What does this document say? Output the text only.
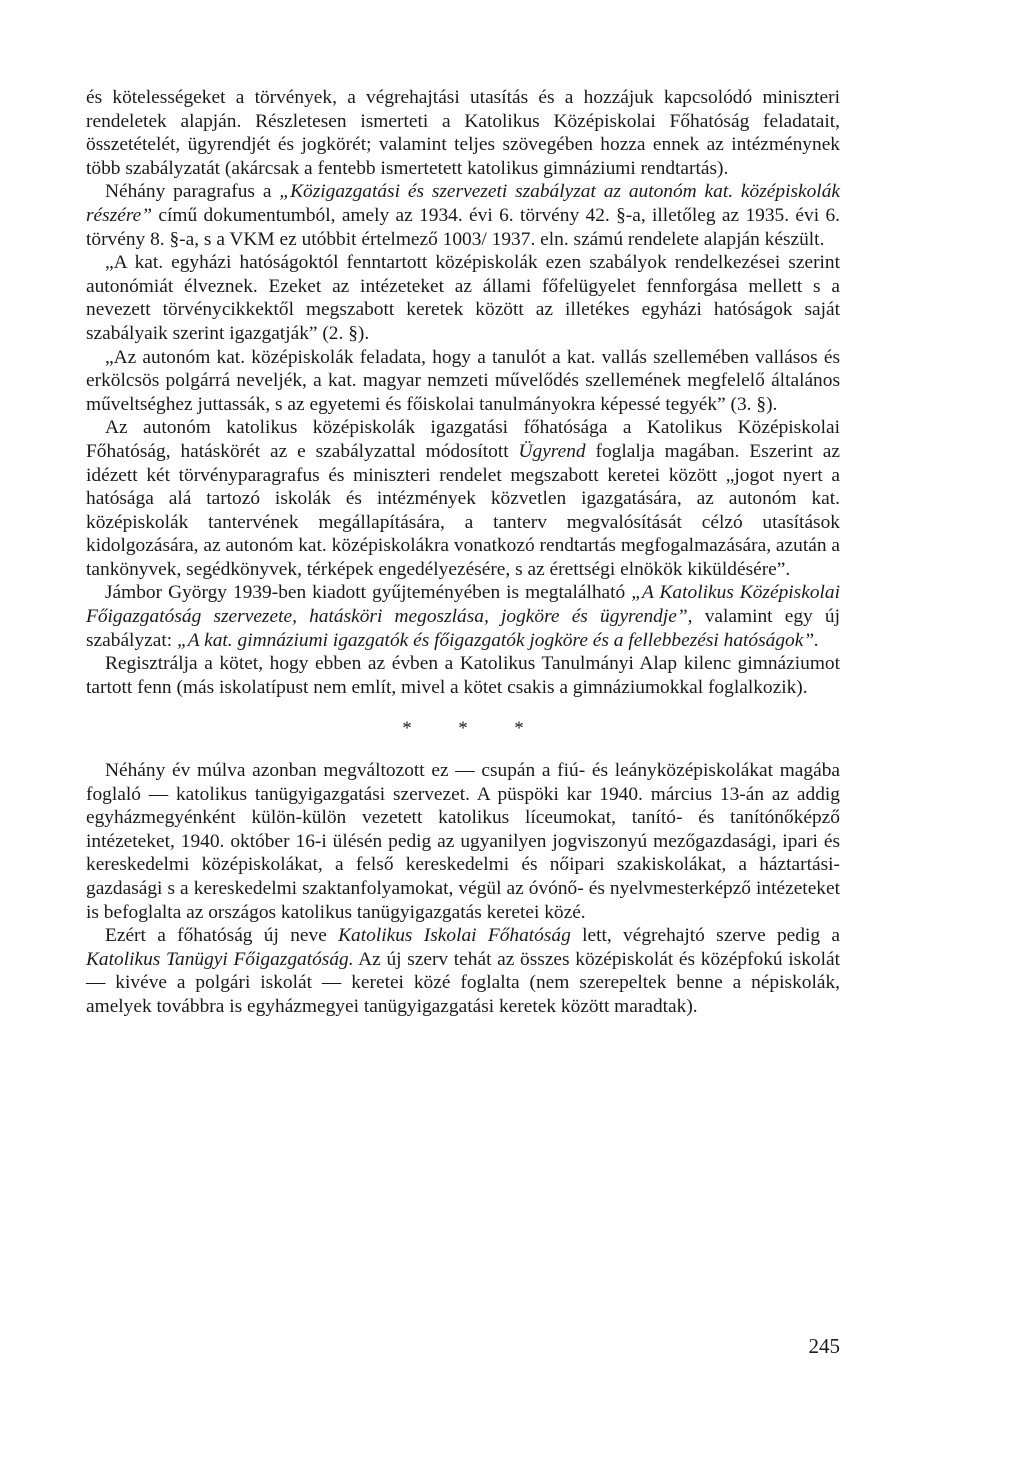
és kötelességeket a törvények, a végrehajtási utasítás és a hozzájuk kapcsolódó miniszteri rendeletek alapján. Részletesen ismerteti a Katolikus Középiskolai Főhatóság feladatait, összetételét, ügyrendjét és jogkörét; valamint teljes szövegében hozza ennek az intézménynek több szabályzatát (akárcsak a fentebb ismertetett katolikus gimnáziumi rendtartás).

Néhány paragrafus a „Közigazgatási és szervezeti szabályzat az autonóm kat. középiskolák részére” című dokumentumból, amely az 1934. évi 6. törvény 42. §-a, illetőleg az 1935. évi 6. törvény 8. §-a, s a VKM ez utóbbit értelmező 1003/ 1937. eln. számú rendelete alapján készült.

„A kat. egyházi hatóságoktól fenntartott középiskolák ezen szabályok rendelkezései szerint autonómiát élveznek. Ezeket az intézeteket az állami főfelügyelet fennforgása mellett s a nevezett törvénycikkektől megszabott keretek között az illetékes egyházi hatóságok saját szabályaik szerint igazgatják” (2. §).

„Az autonóm kat. középiskolák feladata, hogy a tanulót a kat. vallás szellemében vallásos és erkölcsös polgárrá neveljék, a kat. magyar nemzeti művelődés szellemének megfelelő általános műveltséghez juttassák, s az egyetemi és főiskolai tanulmányokra képessé tegyék” (3. §).

Az autonóm katolikus középiskolák igazgatási főhatósága a Katolikus Középiskolai Főhatóság, hatáskörét az e szabályzattal módosított Ügyrend foglalja magában. Eszerint az idézett két törvényparagrafus és miniszteri rendelet megszabott keretei között „jogot nyert a hatósága alá tartozó iskolák és intézmények közvetlen igazgatására, az autonóm kat. középiskolák tantervének megállapítására, a tanterv megvalósítását célzó utasítások kidolgozására, az autonóm kat. középiskolákra vonatkozó rendtartás megfogalmazására, azután a tankönyvek, segédkönyvek, térképek engedélyezésére, s az érettségi elnökök kiküldésére”.

Jámbor György 1939-ben kiadott gyűjteményében is megtalálható „A Katolikus Középiskolai Főigazgatóság szervezete, hatásköri megoszlása, jogköre és ügyrendje”, valamint egy új szabályzat: „A kat. gimnáziumi igazgatók és főigazgatók jogköre és a fellebbezési hatóságok”.

Regisztrálja a kötet, hogy ebben az évben a Katolikus Tanulmányi Alap kilenc gimnáziumot tartott fenn (más iskolatípust nem említ, mivel a kötet csakis a gimnáziumokkal foglalkozik).

* * *

Néhány év múlva azonban megváltozott ez — csupán a fiú- és leányközépiskolákat magába foglaló — katolikus tanügyigazgatási szervezet. A püspöki kar 1940. március 13-án az addig egyházmegyénként külön-külön vezetett katolikus líceumokat, tanító- és tanítónőképző intézeteket, 1940. október 16-i ülésén pedig az ugyanilyen jogviszonyú mezőgazdasági, ipari és kereskedelmi középiskolákat, a felső kereskedelmi és nőipari szakiskolákat, a háztartási-gazdasági s a kereskedelmi szaktanfolyamokat, végül az óvónő- és nyelvmesterképző intézeteket is befoglalta az országos katolikus tanügyigazgatás keretei közé.

Ezért a főhatóság új neve Katolikus Iskolai Főhatóság lett, végrehajtó szerve pedig a Katolikus Tanügyi Főigazgatóság. Az új szerv tehát az összes középiskolát és középfokú iskolát — kivéve a polgári iskolát — keretei közé foglalta (nem szerepeltek benne a népiskolák, amelyek továbbra is egyházmegyei tanügyigazgatási keretek között maradtak).

245
